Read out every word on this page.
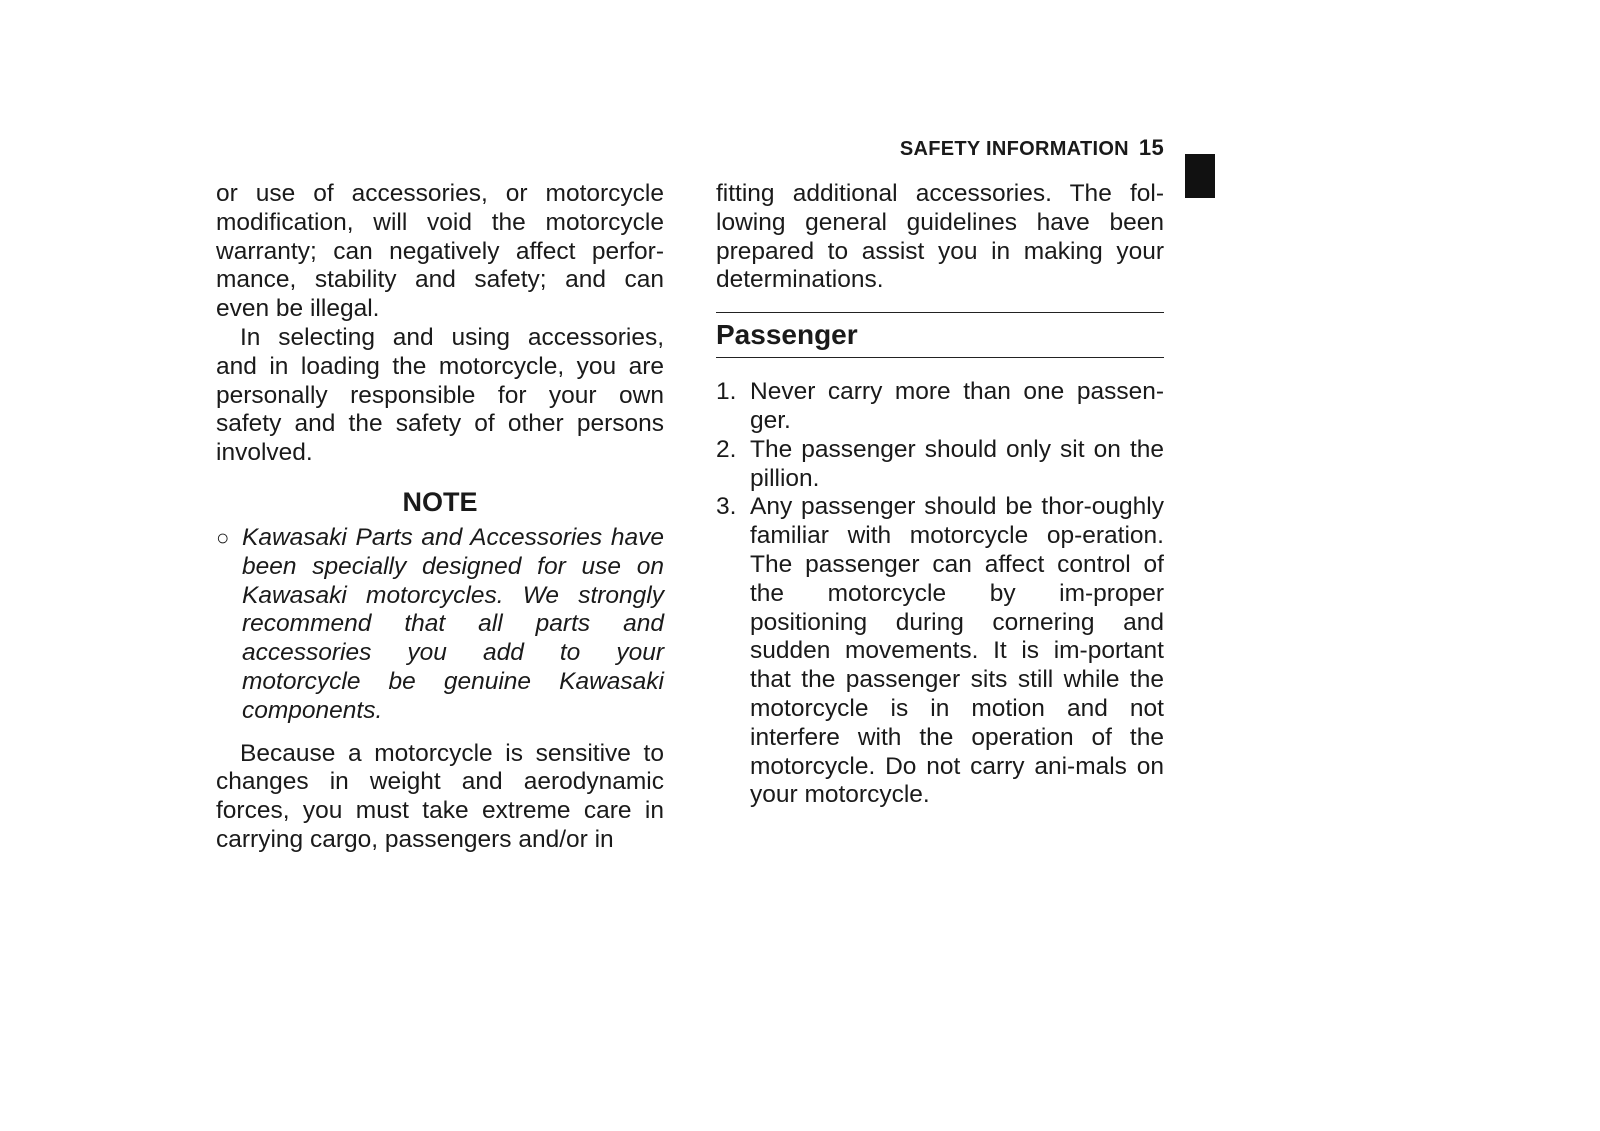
SAFETY INFORMATION 15

or use of accessories, or motorcycle modification, will void the motorcycle warranty; can negatively affect perfor-mance, stability and safety; and can even be illegal.

In selecting and using accessories, and in loading the motorcycle, you are personally responsible for your own safety and the safety of other persons involved.

NOTE

○ Kawasaki Parts and Accessories have been specially designed for use on Kawasaki motorcycles. We strongly recommend that all parts and accessories you add to your motorcycle be genuine Kawasaki components.

Because a motorcycle is sensitive to changes in weight and aerodynamic forces, you must take extreme care in carrying cargo, passengers and/or in

fitting additional accessories. The fol-lowing general guidelines have been prepared to assist you in making your determinations.

Passenger
1. Never carry more than one passen-ger.
2. The passenger should only sit on the pillion.
3. Any passenger should be thor-oughly familiar with motorcycle op-eration. The passenger can affect control of the motorcycle by im-proper positioning during cornering and sudden movements. It is im-portant that the passenger sits still while the motorcycle is in motion and not interfere with the operation of the motorcycle. Do not carry ani-mals on your motorcycle.
